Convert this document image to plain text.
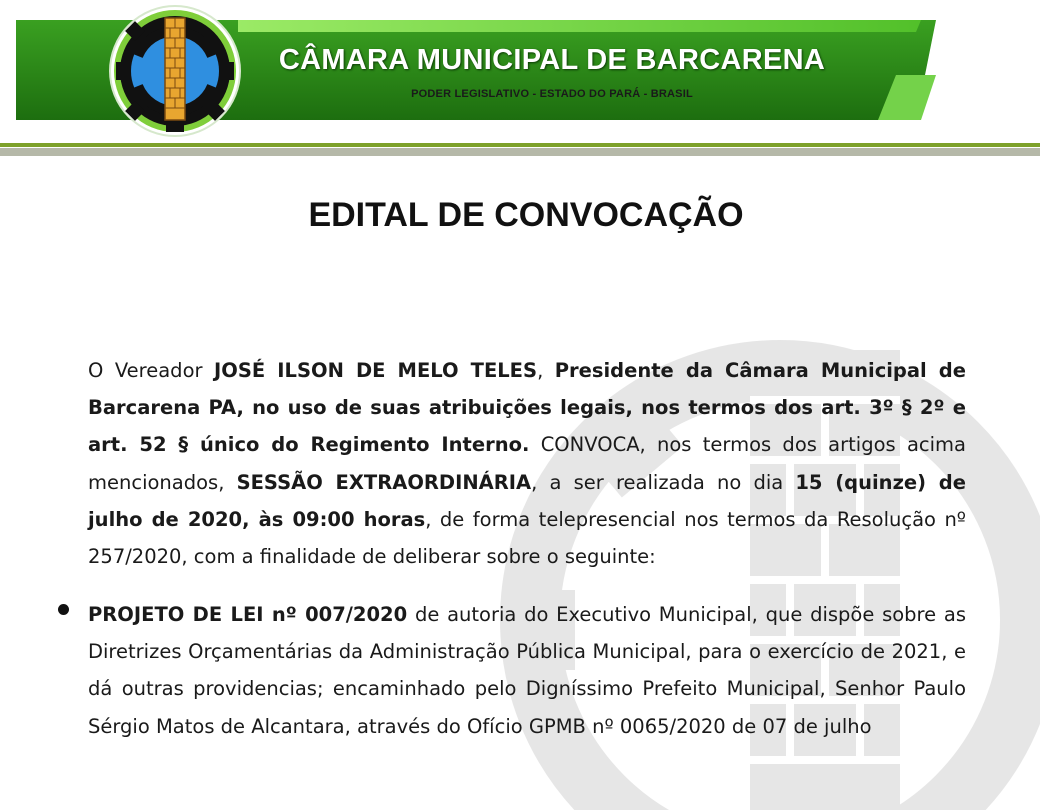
CÂMARA MUNICIPAL DE BARCARENA
PODER LEGISLATIVO - ESTADO DO PARÁ - BRASIL
EDITAL DE CONVOCAÇÃO
O Vereador JOSÉ ILSON DE MELO TELES, Presidente da Câmara Municipal de Barcarena PA, no uso de suas atribuições legais, nos termos dos art. 3º § 2º e art. 52 § único do Regimento Interno. CONVOCA, nos termos dos artigos acima mencionados, SESSÃO EXTRAORDINÁRIA, a ser realizada no dia 15 (quinze) de julho de 2020, às 09:00 horas, de forma telepresencial nos termos da Resolução nº 257/2020, com a finalidade de deliberar sobre o seguinte:
PROJETO DE LEI nº 007/2020 de autoria do Executivo Municipal, que dispõe sobre as Diretrizes Orçamentárias da Administração Pública Municipal, para o exercício de 2021, e dá outras providencias; encaminhado pelo Digníssimo Prefeito Municipal, Senhor Paulo Sérgio Matos de Alcantara, através do Ofício GPMB nº 0065/2020 de 07 de julho
